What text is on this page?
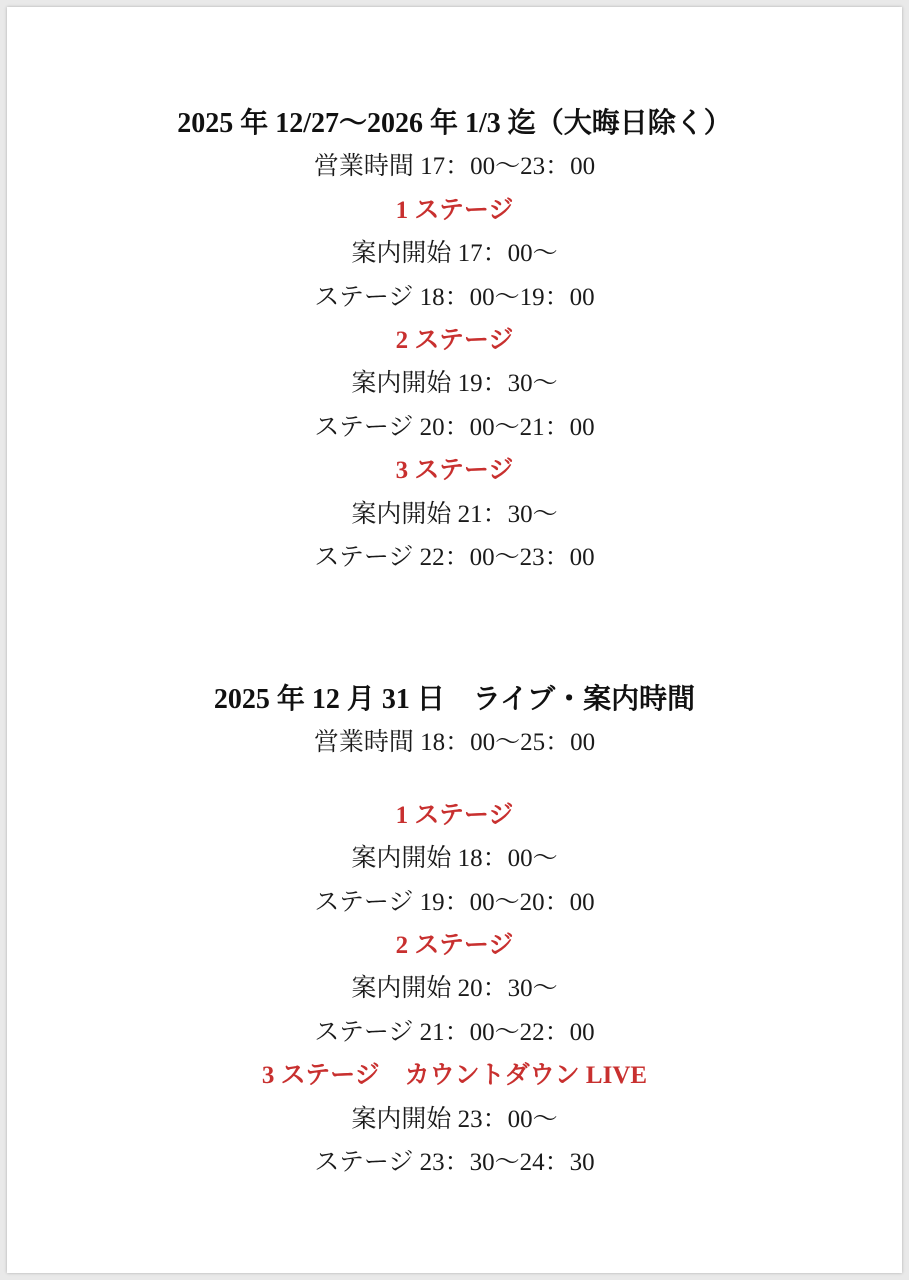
2025 年 12/27〜2026 年 1/3 迄（大晦日除く）
営業時間 17：00〜23：00
1 ステージ
案内開始 17：00〜
ステージ 18：00〜19：00
2 ステージ
案内開始 19：30〜
ステージ 20：00〜21：00
3 ステージ
案内開始 21：30〜
ステージ 22：00〜23：00
2025 年 12 月 31 日　ライブ・案内時間
営業時間 18：00〜25：00
1 ステージ
案内開始 18：00〜
ステージ 19：00〜20：00
2 ステージ
案内開始 20：30〜
ステージ 21：00〜22：00
3 ステージ　カウントダウン LIVE
案内開始 23：00〜
ステージ 23：30〜24：30
